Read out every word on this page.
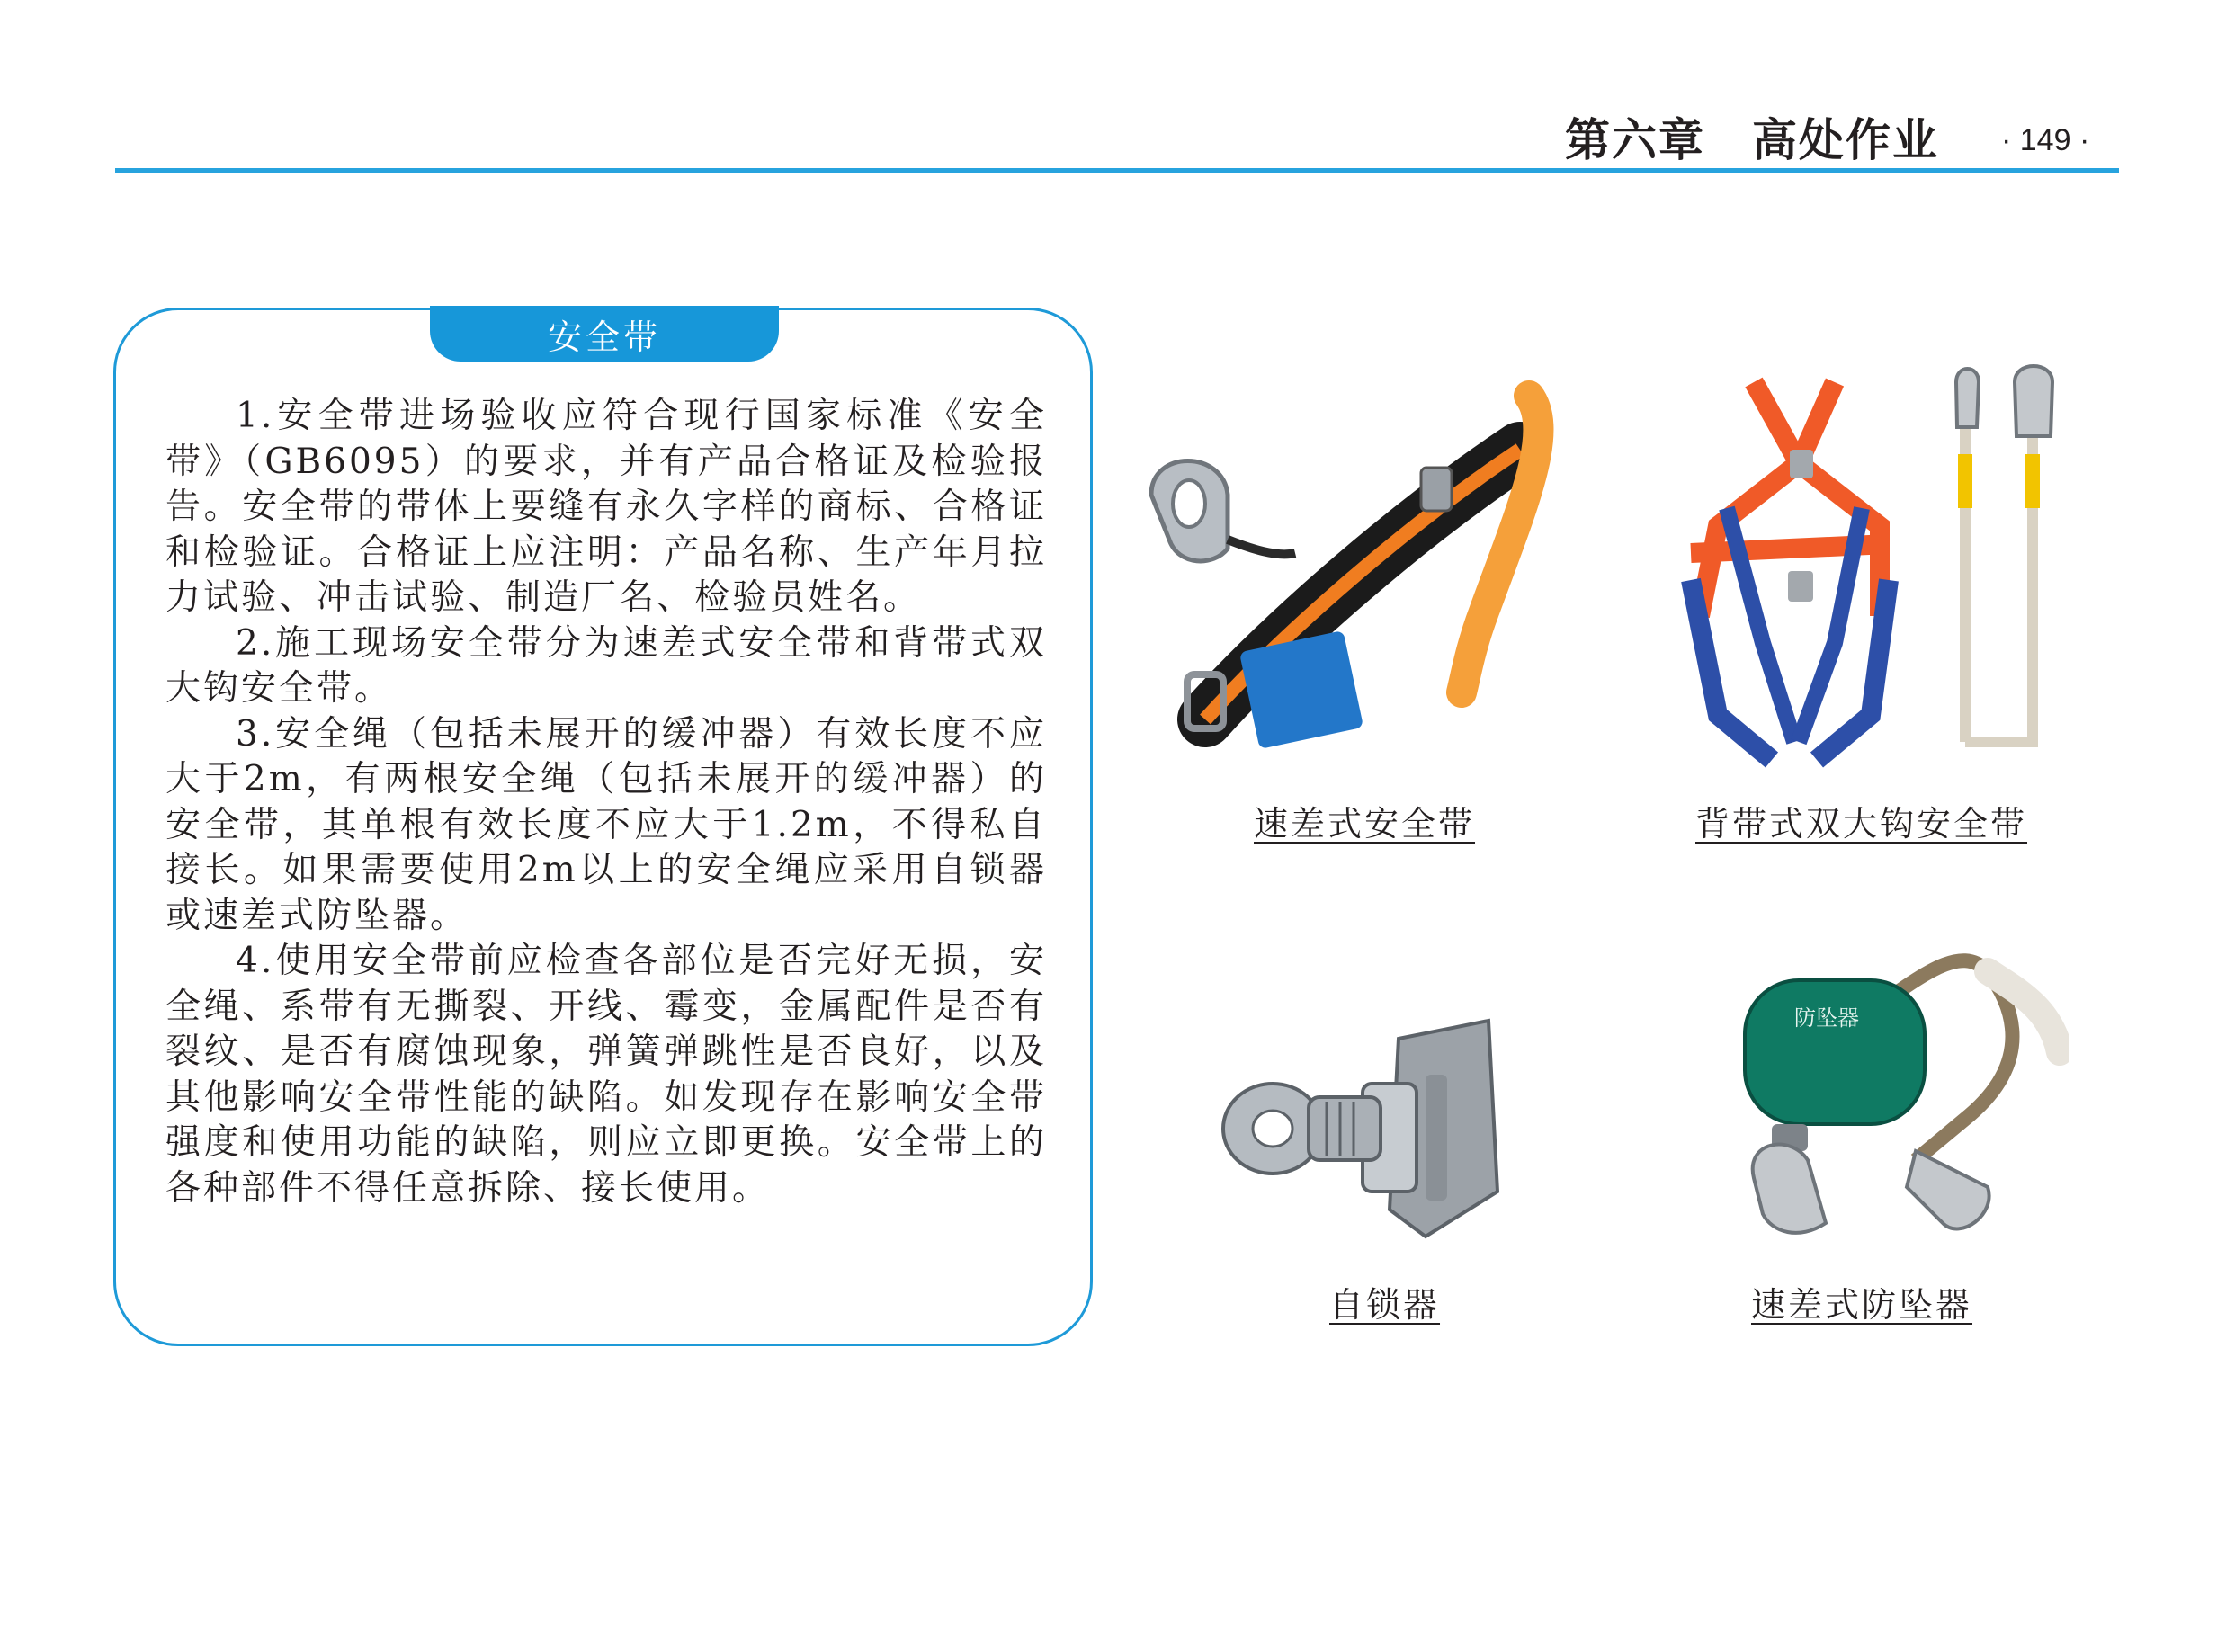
第六章　高处作业	· 149 ·
安全带

1.安全带进场验收应符合现行国家标准《安全带》（GB6095）的要求，并有产品合格证及检验报告。安全带的带体上要缝有永久字样的商标、合格证和检验证。合格证上应注明：产品名称、生产年月拉力试验、冲击试验、制造厂名、检验员姓名。

2.施工现场安全带分为速差式安全带和背带式双大钩安全带。

3.安全绳（包括未展开的缓冲器）有效长度不应大于2m，有两根安全绳（包括未展开的缓冲器）的安全带，其单根有效长度不应大于1.2m，不得私自接长。如果需要使用2m以上的安全绳应采用自锁器或速差式防坠器。

4.使用安全带前应检查各部位是否完好无损，安全绳、系带有无撕裂、开线、霉变，金属配件是否有裂纹、是否有腐蚀现象，弹簧弹跳性是否良好，以及其他影响安全带性能的缺陷。如发现存在影响安全带强度和使用功能的缺陷，则应立即更换。安全带上的各种部件不得任意拆除、接长使用。

速差式安全带	背带式双大钩安全带
自锁器
防坠器
速差式防坠器
